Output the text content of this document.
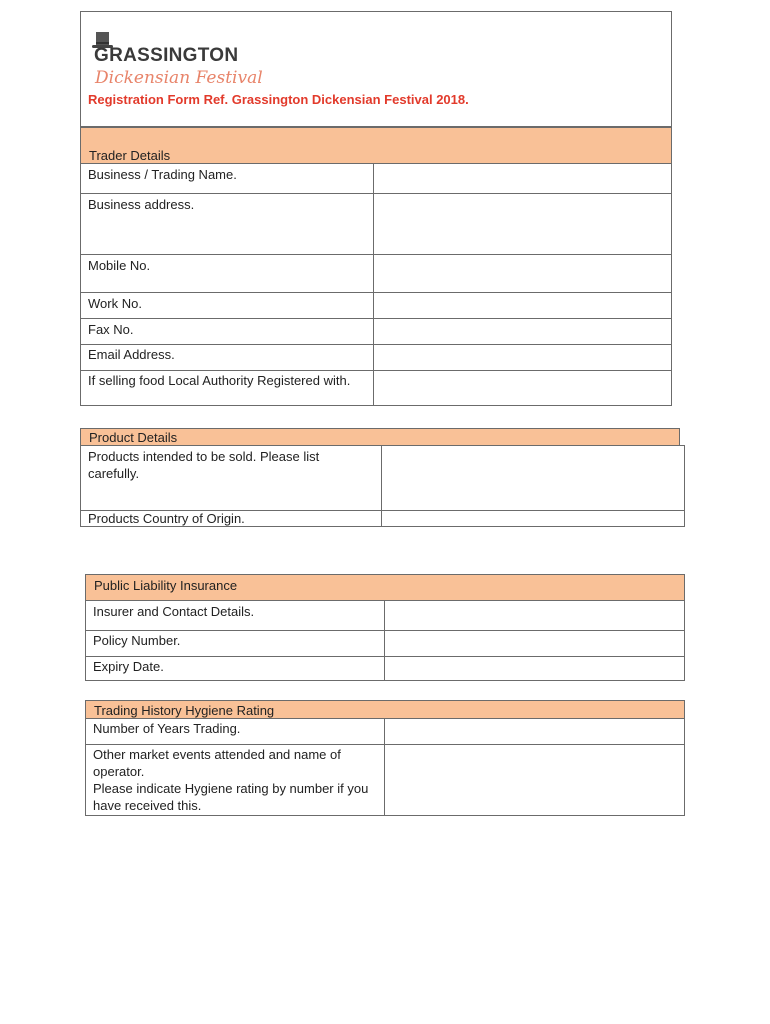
GRASSINGTON
Dickensian Festival
Registration Form Ref. Grassington Dickensian Festival 2018.
Trader Details
Business / Trading Name.
Business address.
Mobile No.
Work No.
Fax No.
Email Address.
If selling food Local Authority Registered with.
Product Details
Products intended to be sold. Please list carefully.
Products Country of Origin.
Public Liability Insurance
Insurer and Contact Details.
Policy Number.
Expiry Date.
Trading History Hygiene Rating
Number of Years Trading.
Other market events attended and name of operator.
Please indicate Hygiene rating by number if you have received this.
